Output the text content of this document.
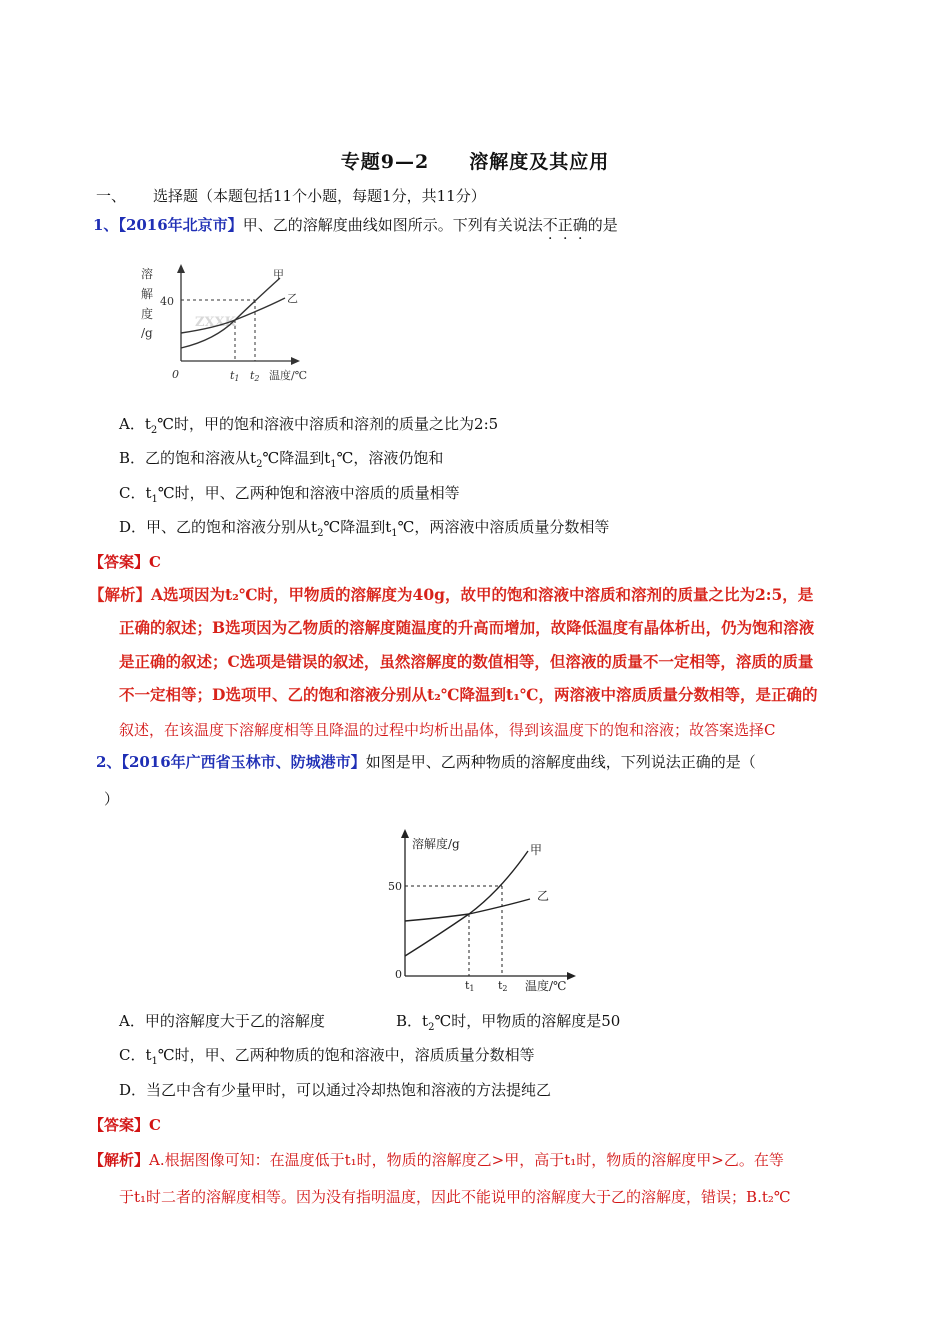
专题9—2　　溶解度及其应用
一、 选择题（本题包括11个小题，每题1分，共11分）
1、【2016年北京市】甲、乙的溶解度曲线如图所示。下列有关说法不正确的是
溶
解
度
/g
40
ZXXK
甲
乙
0	t1 t2 温度/℃
A．$t_2℃$时，甲的饱和溶液中溶质和溶剂的质量之比为2:5
B．乙的饱和溶液从$t_2℃$降温到$t_1℃$，溶液仍饱和
C．$t_1℃$时，甲、乙两种饱和溶液中溶质的质量相等
D．甲、乙的饱和溶液分别从$t_2℃$降温到$t_1℃$，两溶液中溶质质量分数相等
【答案】C
【解析】A选项因为t₂℃时，甲物质的溶解度为40g，故甲的饱和溶液中溶质和溶剂的质量之比为2:5，是
正确的叙述；B选项因为乙物质的溶解度随温度的升高而增加，故降低温度有晶体析出，仍为饱和溶液
是正确的叙述；C选项是错误的叙述，虽然溶解度的数值相等，但溶液的质量不一定相等，溶质的质量
不一定相等；D选项甲、乙的饱和溶液分别从t₂℃降温到t₁℃，两溶液中溶质质量分数相等，是正确的
叙述，在该温度下溶解度相等且降温的过程中均析出晶体，得到该温度下的饱和溶液；故答案选择C
2、【2016年广西省玉林市、防城港市】如图是甲、乙两种物质的溶解度曲线，下列说法正确的是（
）
溶解度/g
50
甲
乙
0
t1 t2 温度/℃
A．甲的溶解度大于乙的溶解度	B．$t_2℃$时，甲物质的溶解度是50
C．$t_1℃$时，甲、乙两种物质的饱和溶液中，溶质质量分数相等
D．当乙中含有少量甲时，可以通过冷却热饱和溶液的方法提纯乙
【答案】C
【解析】A.根据图像可知：在温度低于t₁时，物质的溶解度乙>甲，高于t₁时，物质的溶解度甲>乙。在等
于t₁时二者的溶解度相等。因为没有指明温度，因此不能说甲的溶解度大于乙的溶解度，错误；B.t₂℃
